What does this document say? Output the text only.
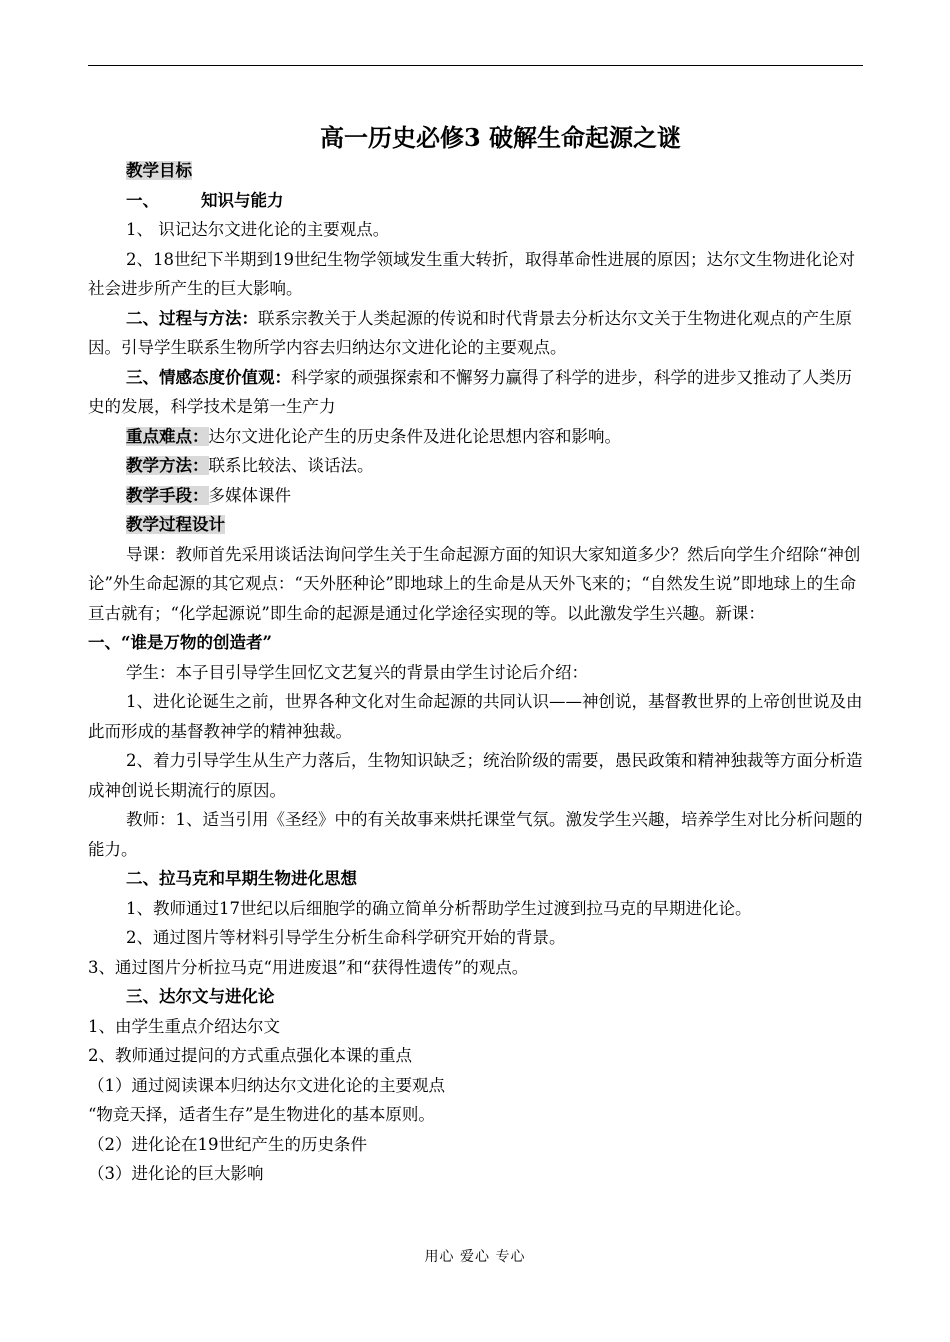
高一历史必修3 破解生命起源之谜

教学目标

一、	知识与能力

1、 识记达尔文进化论的主要观点。

2、18世纪下半期到19世纪生物学领域发生重大转折，取得革命性进展的原因；达尔文生物进化论对社会进步所产生的巨大影响。

二、过程与方法：联系宗教关于人类起源的传说和时代背景去分析达尔文关于生物进化观点的产生原因。引导学生联系生物所学内容去归纳达尔文进化论的主要观点。

三、情感态度价值观：科学家的顽强探索和不懈努力赢得了科学的进步，科学的进步又推动了人类历史的发展，科学技术是第一生产力

重点难点：达尔文进化论产生的历史条件及进化论思想内容和影响。

教学方法：联系比较法、谈话法。

教学手段：多媒体课件

教学过程设计

导课：教师首先采用谈话法询问学生关于生命起源方面的知识大家知道多少？然后向学生介绍除“神创论”外生命起源的其它观点：“天外胚种论”即地球上的生命是从天外飞来的；“自然发生说”即地球上的生命亘古就有；“化学起源说”即生命的起源是通过化学途径实现的等。以此激发学生兴趣。新课：

一、“谁是万物的创造者”

学生：本子目引导学生回忆文艺复兴的背景由学生讨论后介绍：

1、进化论诞生之前，世界各种文化对生命起源的共同认识——神创说，基督教世界的上帝创世说及由此而形成的基督教神学的精神独裁。

2、着力引导学生从生产力落后，生物知识缺乏；统治阶级的需要，愚民政策和精神独裁等方面分析造成神创说长期流行的原因。

教师：1、适当引用《圣经》中的有关故事来烘托课堂气氛。激发学生兴趣，培养学生对比分析问题的能力。

二、拉马克和早期生物进化思想

1、教师通过17世纪以后细胞学的确立简单分析帮助学生过渡到拉马克的早期进化论。

2、通过图片等材料引导学生分析生命科学研究开始的背景。

3、通过图片分析拉马克“用进废退”和“获得性遗传”的观点。

三、达尔文与进化论

1、由学生重点介绍达尔文

2、教师通过提问的方式重点强化本课的重点

（1）通过阅读课本归纳达尔文进化论的主要观点

“物竞天择，适者生存”是生物进化的基本原则。

（2）进化论在19世纪产生的历史条件

（3）进化论的巨大影响

用心 爱心 专心
